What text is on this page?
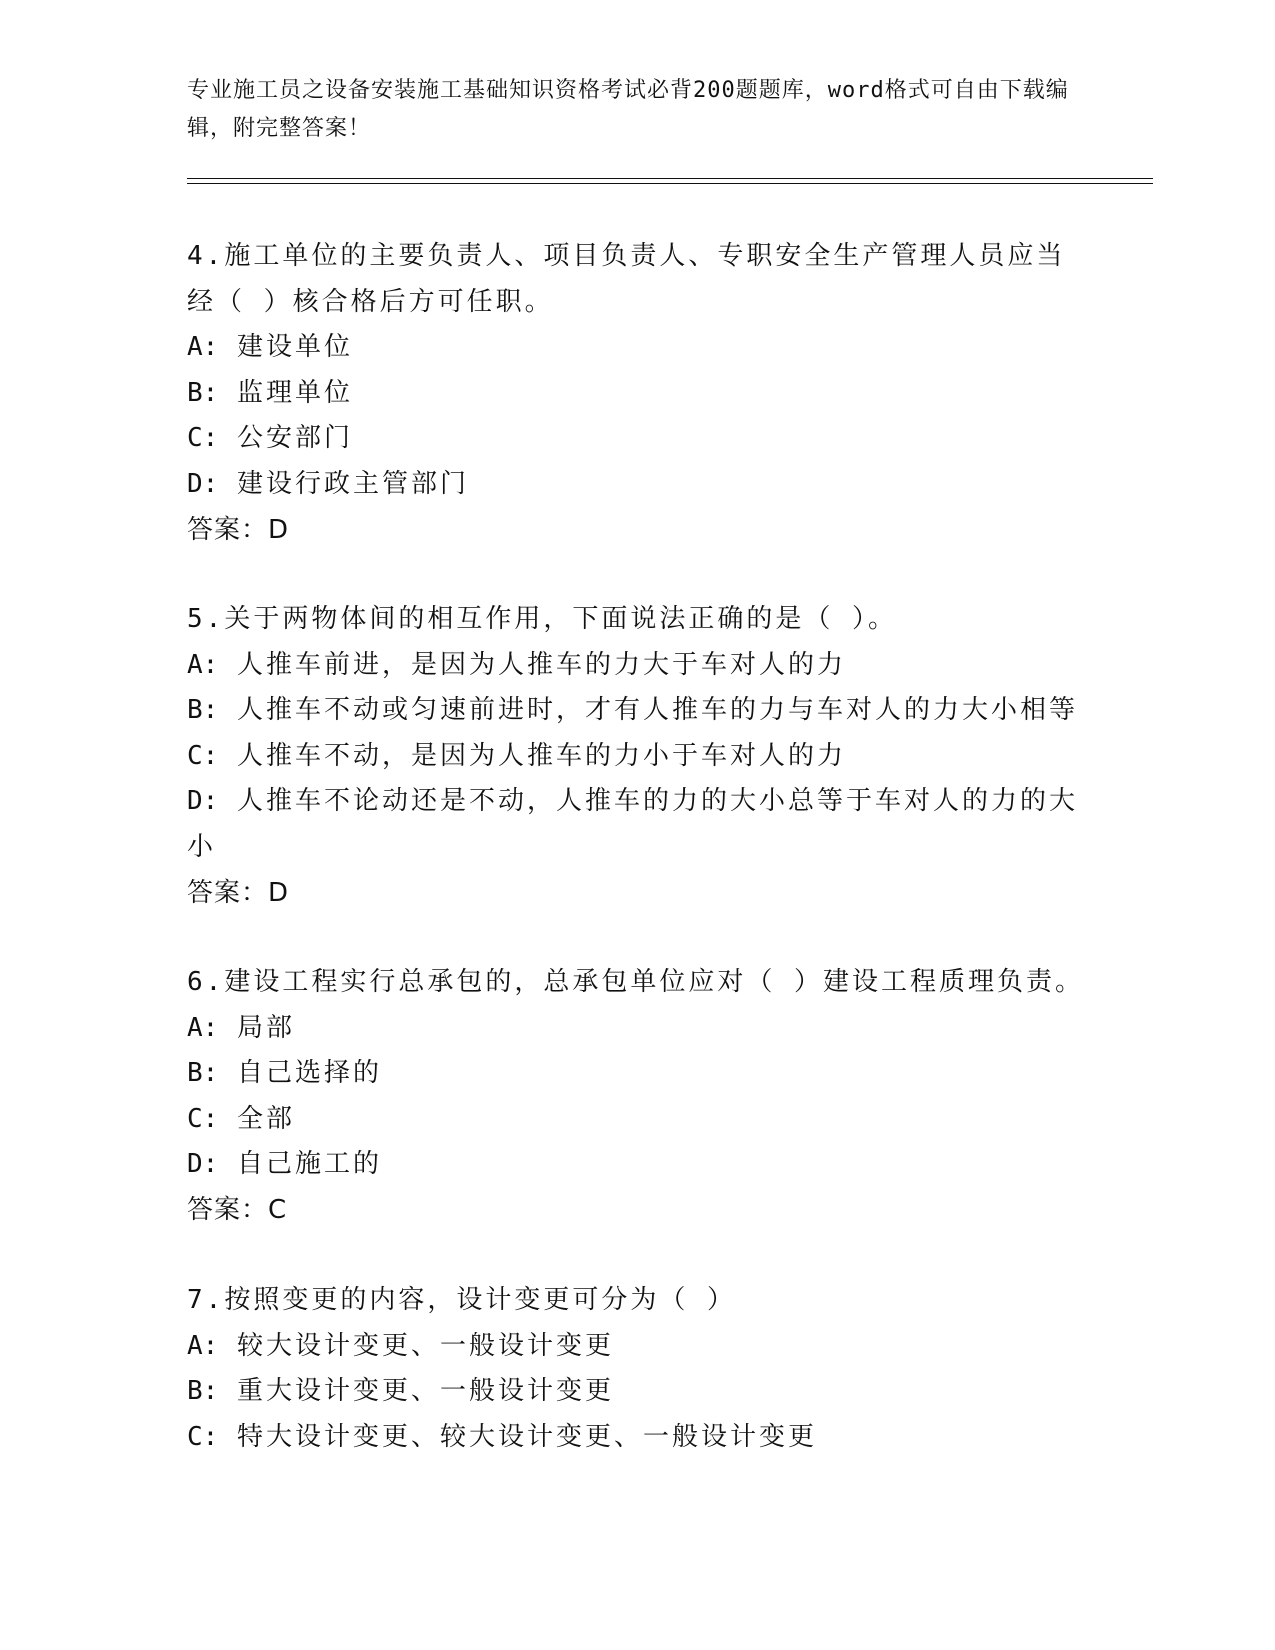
专业施工员之设备安装施工基础知识资格考试必背200题题库，word格式可自由下载编辑，附完整答案！

4.施工单位的主要负责人、项目负责人、专职安全生产管理人员应当经（ ）核合格后方可任职。

A: 建设单位

B: 监理单位

C: 公安部门

D: 建设行政主管部门

答案：D

5.关于两物体间的相互作用，下面说法正确的是（ ）。

A: 人推车前进，是因为人推车的力大于车对人的力

B: 人推车不动或匀速前进时，才有人推车的力与车对人的力大小相等

C: 人推车不动，是因为人推车的力小于车对人的力

D: 人推车不论动还是不动，人推车的力的大小总等于车对人的力的大小

答案：D

6.建设工程实行总承包的，总承包单位应对（ ）建设工程质理负责。

A: 局部

B: 自己选择的

C: 全部

D: 自己施工的

答案：C

7.按照变更的内容，设计变更可分为（ ）

A: 较大设计变更、一般设计变更

B: 重大设计变更、一般设计变更

C: 特大设计变更、较大设计变更、一般设计变更
